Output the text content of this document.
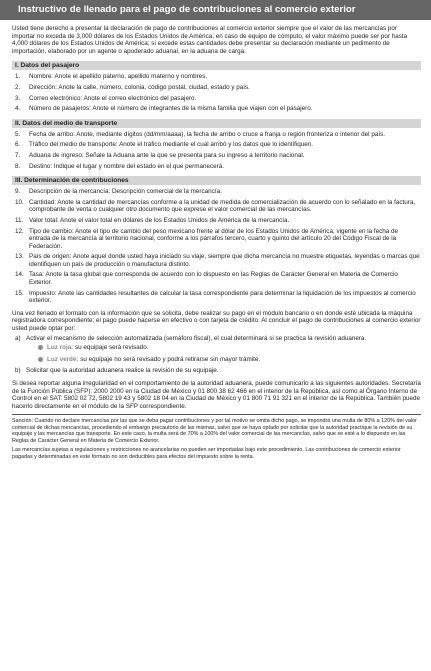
Instructivo de llenado para el pago de contribuciones al comercio exterior

Usted tiene derecho a presentar la declaración de pago de contribuciones al comercio exterior siempre que el valor de las mercancías por importar no exceda de 3,000 dólares de los Estados Unidos de América; en caso de equipo de cómputo, el valor máximo puede ser por hasta 4,000 dólares de los Estados Unidos de América; si excede estas cantidades debe presentar su declaración mediante un pedimento de importación, elaborado por un agente o apoderado aduanal, en la aduana de carga.

I. Datos del pasajero
1.	Nombre: Anote el apellido paterno, apellido materno y nombres.
2.	Dirección: Anote la calle, número, colonia, código postal, ciudad, estado y país.
3.	Correo electrónico: Anote el correo electrónico del pasajero.
4.	Número de pasajeros: Anote el número de integrantes de la misma familia que viajen con el pasajero.
II. Datos del medio de transporte
5.	Fecha de arribo: Anote, mediante dígitos (dd/mm/aaaa), la fecha de arribo o cruce a franja o región fronteriza o interior del país.
6.	Tráfico del medio de transporte: Anote el tráfico mediante el cual arribó y los datos que lo identifiquen.
7.	Aduana de ingreso: Señale la Aduana ante la que se presenta para su ingreso a territorio nacional.
8.	Destino: Indique el lugar y nombre del estado en el que permanecerá.
III. Determinación de contribuciones
9.	Descripción de la mercancía: Descripción comercial de la mercancía.
10. Cantidad: Anote la cantidad de mercancías conforme a la unidad de medida de comercialización de acuerdo con lo señalado en la factura, comprobante de venta o cualquier otro documento que exprese el valor comercial de las mercancías.
11. Valor total: Anote el valor total en dólares de los Estados Unidos de América de la mercancía.
12. Tipo de cambio: Anote el tipo de cambio del peso mexicano frente al dólar de los Estados Unidos de América, vigente en la fecha de entrada de la mercancía al territorio nacional, conforme a los párrafos tercero, cuarto y quinto del artículo 20 del Código Fiscal de la Federación.
13. País de origen: Anote aquel donde usted haya iniciado su viaje, siempre que dicha mercancía no muestre etiquetas, leyendas o marcas que identifiquen un país de producción o manufactura distinto.
14. Tasa: Anote la tasa global que corresponda de acuerdo con lo dispuesto en las Reglas de Carácter General en Materia de Comercio Exterior.
15. Impuesto: Anote las cantidades resultantes de calcular la tasa correspondiente para determinar la liquidación de los impuestos al comercio exterior.

Una vez llenado el formato con la información que se solicita, debe realizar su pago en el módulo bancario o en donde esté ubicada la máquina registradora correspondiente; el pago puede hacerse en efectivo o con tarjeta de crédito. Al concluir el pago de contribuciones al comercio exterior usted puede optar por:

a) Activar el mecanismo de selección automatizada (semáforo fiscal), el cual determinará si se practica la revisión aduanera.
Luz roja: su equipaje será revisado.
Luz verde: su equipaje no será revisado y podrá retirarse sin mayor trámite.
b) Solicitar que la autoridad aduanera realice la revisión de su equipaje.

Si desea reportar alguna irregularidad en el comportamiento de la autoridad aduanera, puede comunicarlo a las siguientes autoridades. Secretaría de la Función Pública (SFP): 2000 2000 en la Ciudad de México y 01 800 38 62 466 en el interior de la República, así como al Órgano Interno de Control en el SAT: 5802 02 72, 5802 19 43 y 5802 18 04 en la Ciudad de México y 01 800 71 91 321 en el interior de la República. También puede hacerlo directamente en el módulo de la SFP correspondiente.

Sanción: Cuando no declare mercancías por las que se deba pagar contribuciones y por tal motivo se omita dicho pago, se impondrá una multa de 80% a 120% del valor comercial de dichas mercancías, procediendo el embargo precautorio de las mismas, salvo que se haya optado por solicitar que la autoridad practique la revisión de su equipaje y las mercancías que transporte. En este caso, la multa será de 70% a 100% del valor comercial de las mercancías, salvo que se esté a lo dispuesto en las Reglas de Carácter General en Materia de Comercio Exterior.

Las mercancías sujetas a regulaciones y restricciones no arancelarias no pueden ser importadas bajo este procedimiento. Las contribuciones de comercio exterior pagadas y determinadas en este formato no son deducibles para efectos del impuesto sobre la renta.
